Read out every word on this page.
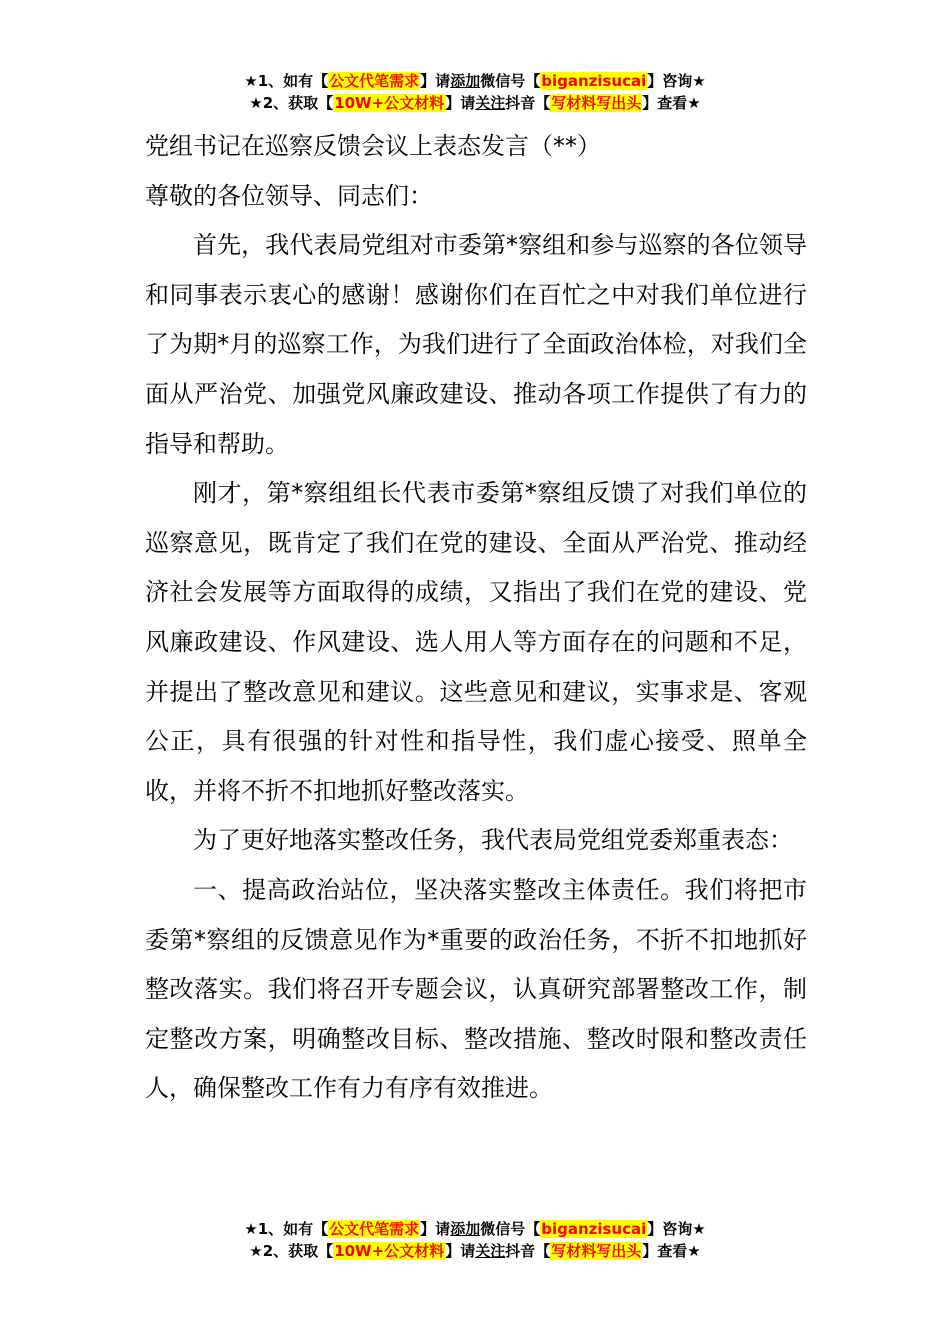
★1、如有【公文代笔需求】请添加微信号【biganzisucai】咨询★
★2、获取【10W+公文材料】请关注抖音【写材料写出头】查看★

党组书记在巡察反馈会议上表态发言（**）

尊敬的各位领导、同志们：

首先，我代表局党组对市委第*察组和参与巡察的各位领导和同事表示衷心的感谢！感谢你们在百忙之中对我们单位进行了为期*月的巡察工作，为我们进行了全面政治体检，对我们全面从严治党、加强党风廉政建设、推动各项工作提供了有力的指导和帮助。

刚才，第*察组组长代表市委第*察组反馈了对我们单位的巡察意见，既肯定了我们在党的建设、全面从严治党、推动经济社会发展等方面取得的成绩，又指出了我们在党的建设、党风廉政建设、作风建设、选人用人等方面存在的问题和不足，并提出了整改意见和建议。这些意见和建议，实事求是、客观公正，具有很强的针对性和指导性，我们虚心接受、照单全收，并将不折不扣地抓好整改落实。

为了更好地落实整改任务，我代表局党组党委郑重表态：

一、提高政治站位，坚决落实整改主体责任。我们将把市委第*察组的反馈意见作为*重要的政治任务，不折不扣地抓好整改落实。我们将召开专题会议，认真研究部署整改工作，制定整改方案，明确整改目标、整改措施、整改时限和整改责任人，确保整改工作有力有序有效推进。

★1、如有【公文代笔需求】请添加微信号【biganzisucai】咨询★
★2、获取【10W+公文材料】请关注抖音【写材料写出头】查看★
